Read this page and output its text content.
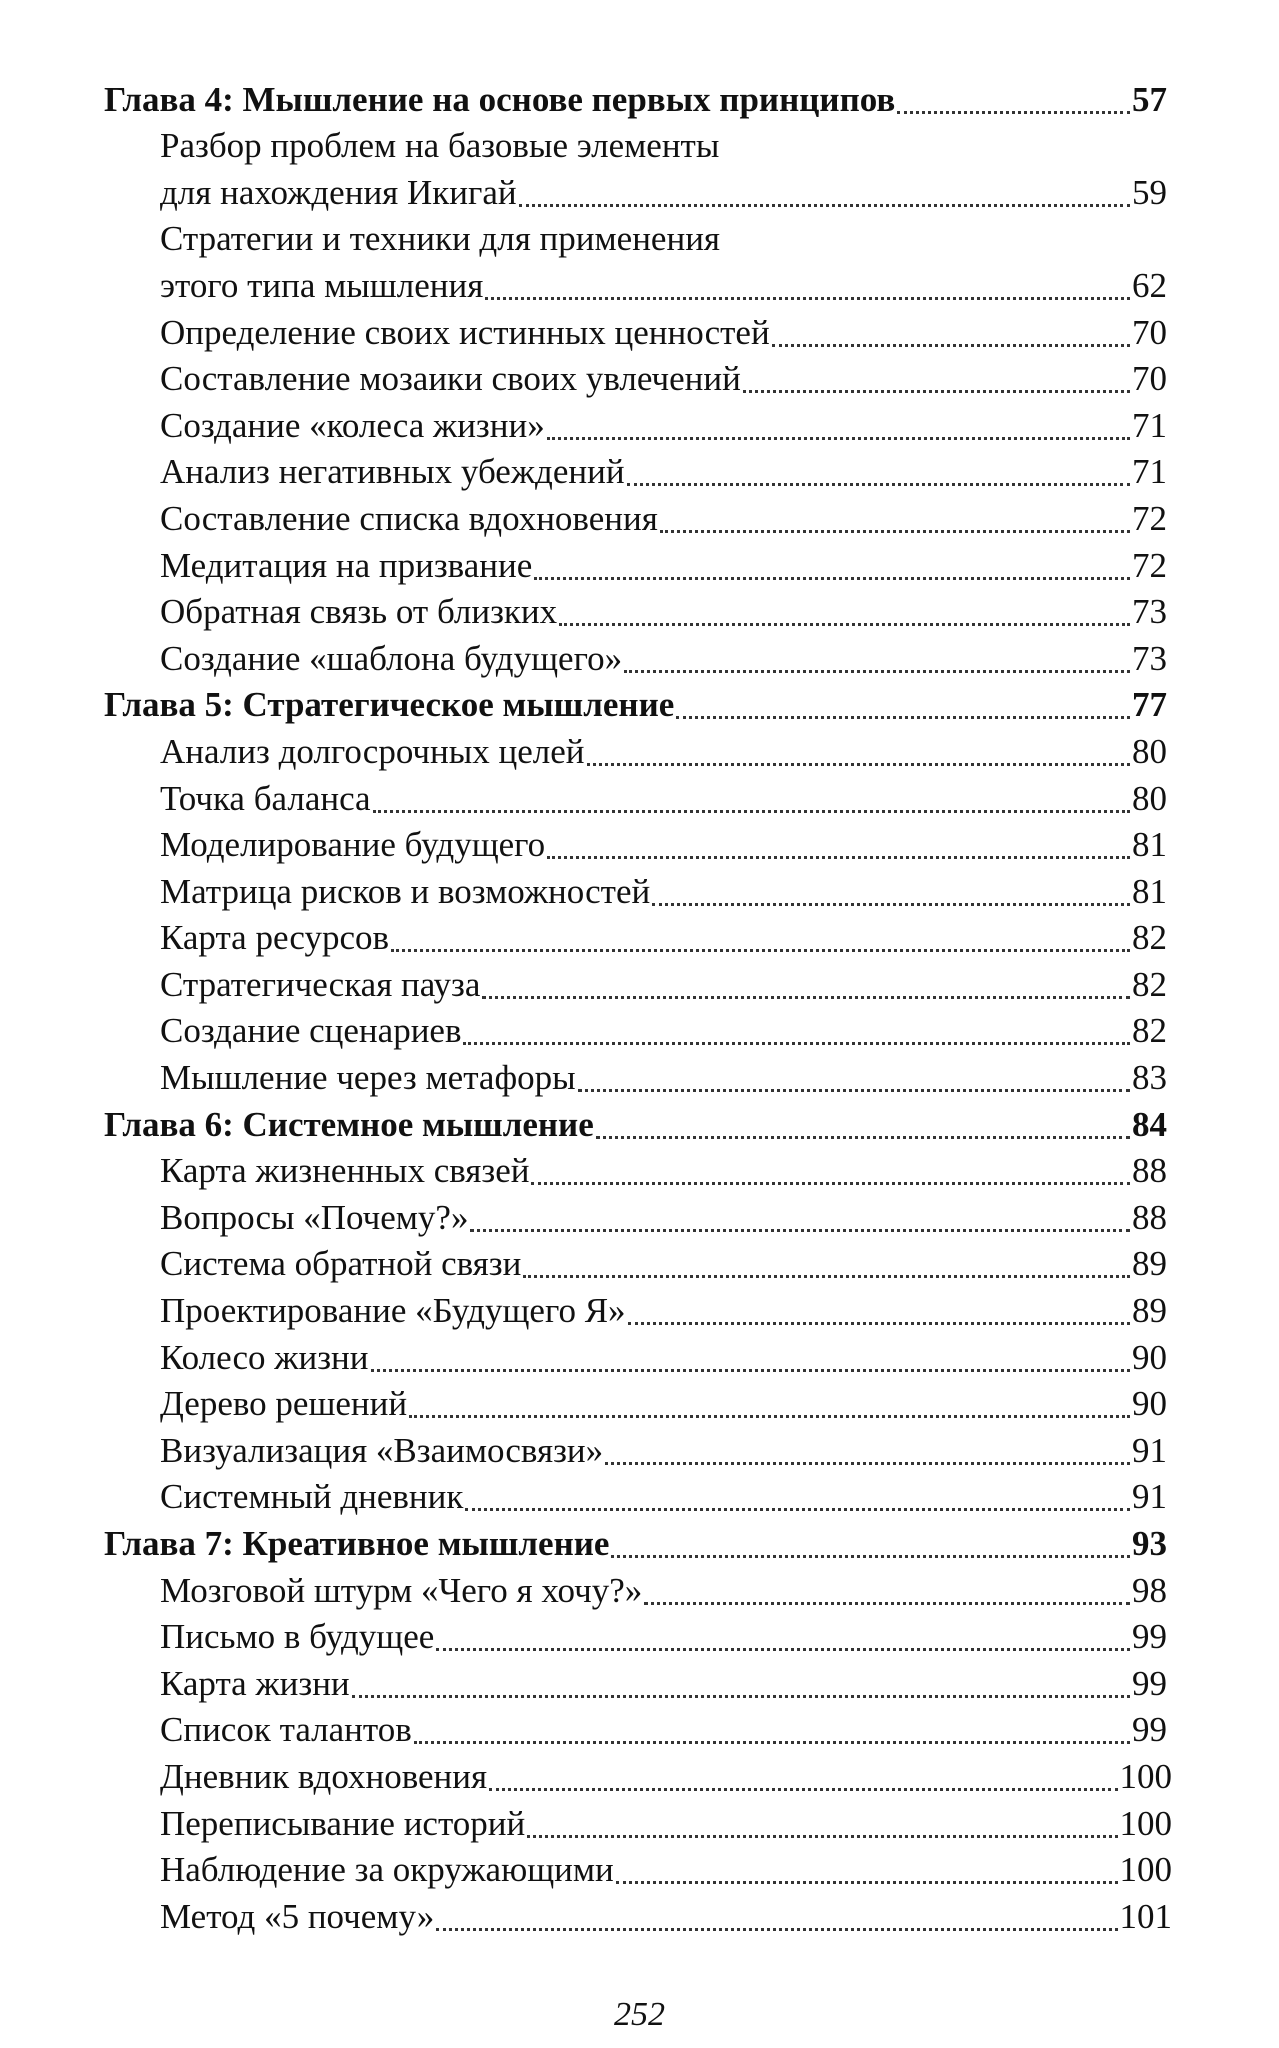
Глава 4: Мышление на основе первых принципов	57
Разбор проблем на базовые элементы
для нахождения Икигай	59
Стратегии и техники для применения
этого типа мышления	62
Определение своих истинных ценностей	70
Составление мозаики своих увлечений	70
Создание «колеса жизни»	71
Анализ негативных убеждений	71
Составление списка вдохновения	72
Медитация на призвание	72
Обратная связь от близких	73
Создание «шаблона будущего»	73
Глава 5: Стратегическое мышление	77
Анализ долгосрочных целей	80
Точка баланса	80
Моделирование будущего	81
Матрица рисков и возможностей	81
Карта ресурсов	82
Стратегическая пауза	82
Создание сценариев	82
Мышление через метафоры	83
Глава 6: Системное мышление	84
Карта жизненных связей	88
Вопросы «Почему?»	88
Система обратной связи	89
Проектирование «Будущего Я»	89
Колесо жизни	90
Дерево решений	90
Визуализация «Взаимосвязи»	91
Системный дневник	91
Глава 7: Креативное мышление	93
Мозговой штурм «Чего я хочу?»	98
Письмо в будущее	99
Карта жизни	99
Список талантов	99
Дневник вдохновения	100
Переписывание историй	100
Наблюдение за окружающими	100
Метод «5 почему»	101
252
